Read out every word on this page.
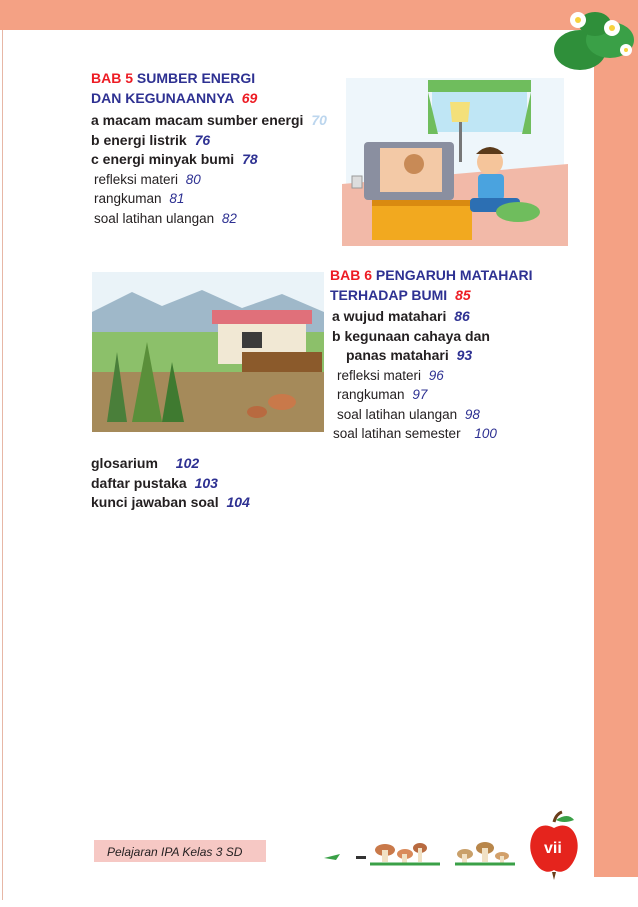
BAB 5 SUMBER ENERGI
DAN KEGUNAANNYA 69
a macam macam sumber energi 70
b energi listrik 76
c energi minyak bumi 78
refleksi materi 80
rangkuman 81
soal latihan ulangan 82
BAB 6 PENGARUH MATAHARI
TERHADAP BUMI 85
a wujud matahari 86
b kegunaan cahaya dan
panas matahari 93
refleksi materi 96
rangkuman 97
soal latihan ulangan 98
soal latihan semester 100
glosarium 102
daftar pustaka 103
kunci jawaban soal 104
Pelajaran IPA Kelas 3 SD	vii
